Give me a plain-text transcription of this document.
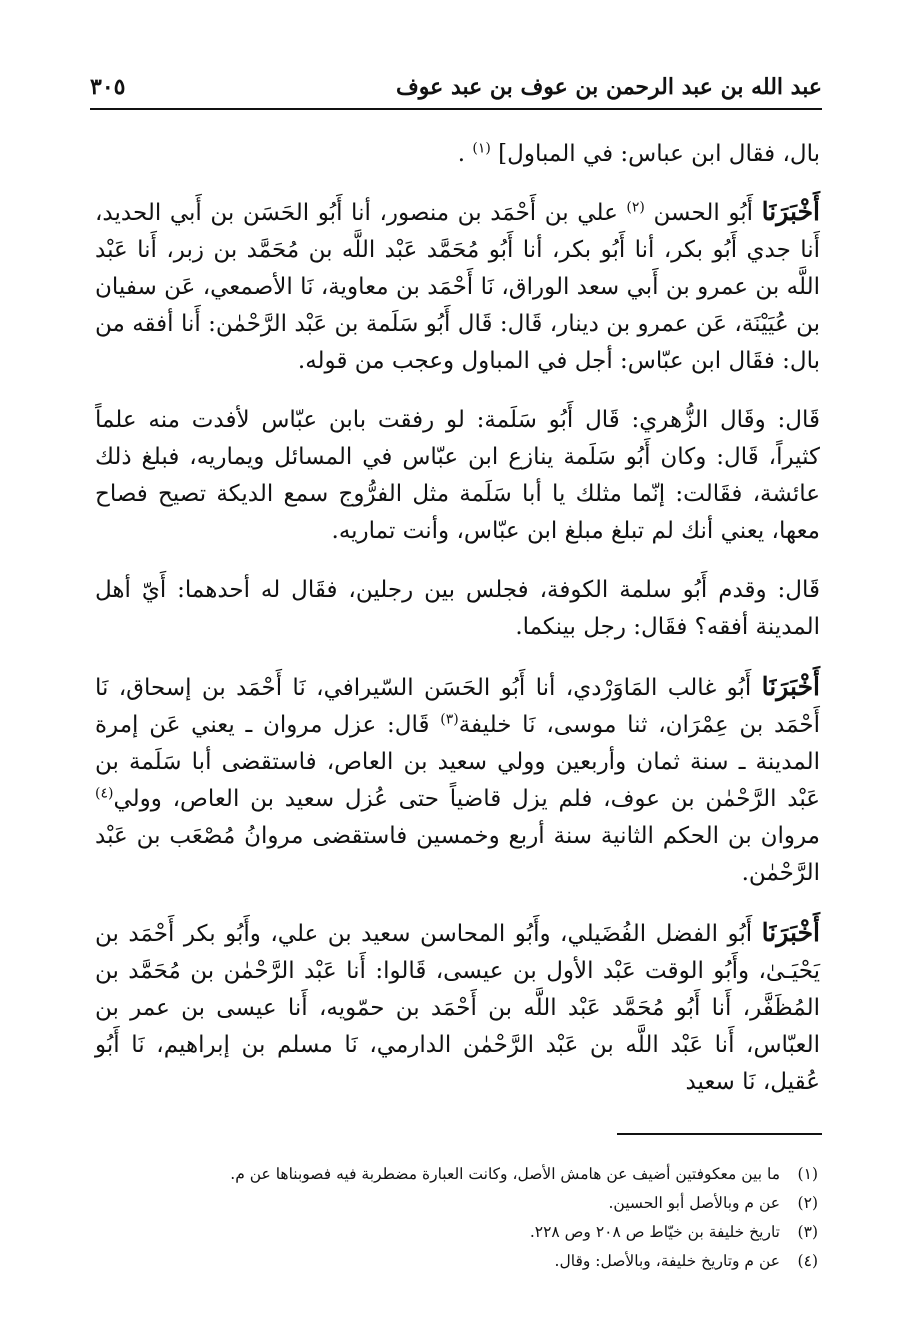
عبد الله بن عبد الرحمن بن عوف بن عبد عوف
٣٠٥

بال، فقال ابن عباس: في المباول] $^{(١)}$ .

أَخْبَرَنَا أَبُو الحسن $^{(٢)}$ علي بن أَحْمَد بن منصور، أنا أَبُو الحَسَن بن أَبي الحديد، أَنا جدي أَبُو بكر، أنا أَبُو بكر، أنا أَبُو مُحَمَّد عَبْد اللَّه بن مُحَمَّد بن زبر، أَنا عَبْد اللَّه بن عمرو بن أَبي سعد الوراق، نَا أَحْمَد بن معاوية، نَا الأصمعي، عَن سفيان بن عُيَيْنَة، عَن عمرو بن دينار، قَال: قَال أَبُو سَلَمة بن عَبْد الرَّحْمٰن: أَنا أفقه من بال: فقَال ابن عبّاس: أجل في المباول وعجب من قوله.

قَال: وقَال الزُّهري: قَال أَبُو سَلَمة: لو رفقت بابن عبّاس لأفدت منه علماً كثيراً، قَال: وكان أَبُو سَلَمة ينازع ابن عبّاس في المسائل ويماريه، فبلغ ذلك عائشة، فقَالت: إنّما مثلك يا أبا سَلَمة مثل الفرُّوج سمع الديكة تصيح فصاح معها، يعني أنك لم تبلغ مبلغ ابن عبّاس، وأنت تماريه.

قَال: وقدم أَبُو سلمة الكوفة، فجلس بين رجلين، فقَال له أحدهما: أَيّ أهل المدينة أفقه؟ فقَال: رجل بينكما.

أَخْبَرَنَا أَبُو غالب المَاوَرْدي، أنا أَبُو الحَسَن السّيرافي، نَا أَحْمَد بن إسحاق، نَا أَحْمَد بن عِمْرَان، ثنا موسى، نَا خليفة$^{(٣)}$ قَال: عزل مروان ـ يعني عَن إمرة المدينة ـ سنة ثمان وأربعين وولي سعيد بن العاص، فاستقضى أبا سَلَمة بن عَبْد الرَّحْمٰن بن عوف، فلم يزل قاضياً حتى عُزل سعيد بن العاص، وولي$^{(٤)}$ مروان بن الحكم الثانية سنة أربع وخمسين فاستقضى مروانُ مُصْعَب بن عَبْد الرَّحْمٰن.

أَخْبَرَنَا أَبُو الفضل الفُضَيلي، وأَبُو المحاسن سعيد بن علي، وأَبُو بكر أَحْمَد بن يَحْيَـىٰ، وأَبُو الوقت عَبْد الأول بن عيسى، قَالوا: أَنا عَبْد الرَّحْمٰن بن مُحَمَّد بن المُظَفَّر، أَنا أَبُو مُحَمَّد عَبْد اللَّه بن أَحْمَد بن حمّويه، أَنا عيسى بن عمر بن العبّاس، أَنا عَبْد اللَّه بن عَبْد الرَّحْمٰن الدارمي، نَا مسلم بن إبراهيم، نَا أَبُو عُقيل، نَا سعيد

(١)ما بين معكوفتين أضيف عن هامش الأصل، وكانت العبارة مضطربة فيه فصوبناها عن م.
(٢)عن م وبالأصل أبو الحسين.
(٣)تاريخ خليفة بن خيّاط ص ٢٠٨ وص ٢٢٨.
(٤)عن م وتاريخ خليفة، وبالأصل: وقال.
